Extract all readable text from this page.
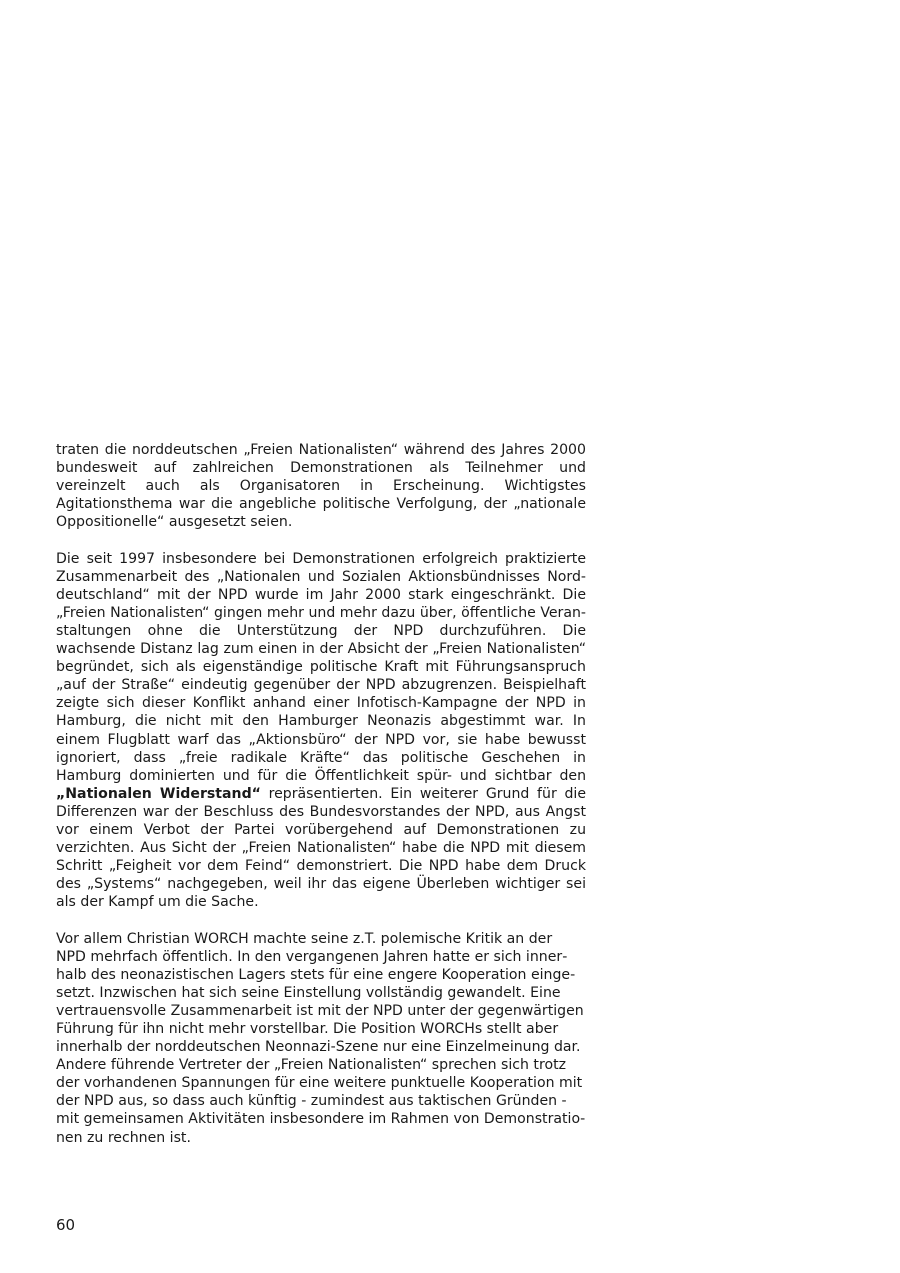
traten die norddeutschen „Freien Nationalisten“ während des Jahres 2000 bundesweit auf zahlreichen Demonstrationen als Teilnehmer und vereinzelt auch als Organisatoren in Erscheinung. Wichtigstes Agitationsthema war die angebliche politische Verfolgung, der „nationale Oppositionelle“ ausgesetzt seien.

Die seit 1997 insbesondere bei Demonstrationen erfolgreich praktizierte Zusammenarbeit des „Nationalen und Sozialen Aktionsbündnisses Norddeutschland“ mit der NPD wurde im Jahr 2000 stark eingeschränkt. Die „Freien Nationalisten“ gingen mehr und mehr dazu über, öffentliche Veranstaltungen ohne die Unterstützung der NPD durchzuführen. Die wachsende Distanz lag zum einen in der Absicht der „Freien Nationalisten“ begründet, sich als eigenständige politische Kraft mit Führungsanspruch „auf der Straße“ eindeutig gegenüber der NPD abzugrenzen. Beispielhaft zeigte sich dieser Konflikt anhand einer Infotisch-Kampagne der NPD in Hamburg, die nicht mit den Hamburger Neonazis abgestimmt war. In einem Flugblatt warf das „Aktionsbüro“ der NPD vor, sie habe bewusst ignoriert, dass „freie radikale Kräfte“ das politische Geschehen in Hamburg dominierten und für die Öffentlichkeit spür- und sichtbar den „Nationalen Widerstand“ repräsentierten. Ein weiterer Grund für die Differenzen war der Beschluss des Bundesvorstandes der NPD, aus Angst vor einem Verbot der Partei vorübergehend auf Demonstrationen zu verzichten. Aus Sicht der „Freien Nationalisten“ habe die NPD mit diesem Schritt „Feigheit vor dem Feind“ demonstriert. Die NPD habe dem Druck des „Systems“ nachgegeben, weil ihr das eigene Überleben wichtiger sei als der Kampf um die Sache.

Vor allem Christian WORCH machte seine z.T. polemische Kritik an der NPD mehrfach öffentlich. In den vergangenen Jahren hatte er sich innerhalb des neonazistischen Lagers stets für eine engere Kooperation eingesetzt. Inzwischen hat sich seine Einstellung vollständig gewandelt. Eine vertrauensvolle Zusammenarbeit ist mit der NPD unter der gegenwärtigen Führung für ihn nicht mehr vorstellbar. Die Position WORCHs stellt aber innerhalb der norddeutschen Neonnazi-Szene nur eine Einzelmeinung dar. Andere führende Vertreter der „Freien Nationalisten“ sprechen sich trotz der vorhandenen Spannungen für eine weitere punktuelle Kooperation mit der NPD aus, so dass auch künftig - zumindest aus taktischen Gründen - mit gemeinsamen Aktivitäten insbesondere im Rahmen von Demonstrationen zu rechnen ist.

60
